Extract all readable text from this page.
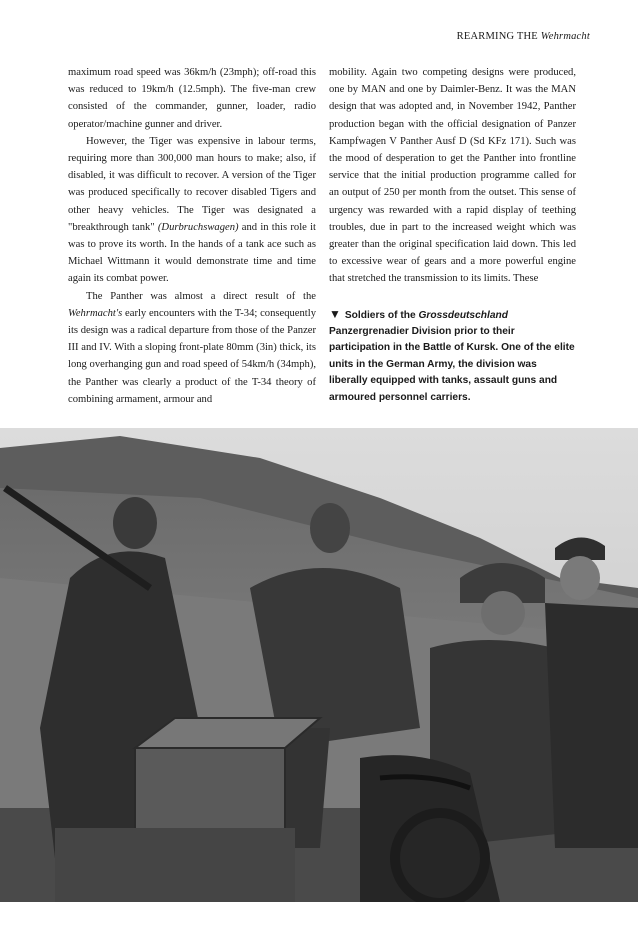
REARMING THE Wehrmacht

maximum road speed was 36km/h (23mph); off-road this was reduced to 19km/h (12.5mph). The five-man crew consisted of the commander, gunner, loader, radio operator/machine gunner and driver.

However, the Tiger was expensive in labour terms, requiring more than 300,000 man hours to make; also, if disabled, it was difficult to recover. A version of the Tiger was produced specifically to recover disabled Tigers and other heavy vehicles. The Tiger was designated a "breakthrough tank" (Durbruchswagen) and in this role it was to prove its worth. In the hands of a tank ace such as Michael Wittmann it would demonstrate time and time again its combat power.

The Panther was almost a direct result of the Wehrmacht's early encounters with the T-34; consequently its design was a radical departure from those of the Panzer III and IV. With a sloping front-plate 80mm (3in) thick, its long overhanging gun and road speed of 54km/h (34mph), the Panther was clearly a product of the T-34 theory of combining armament, armour and

mobility. Again two competing designs were produced, one by MAN and one by Daimler-Benz. It was the MAN design that was adopted and, in November 1942, Panther production began with the official designation of Panzer Kampfwagen V Panther Ausf D (Sd KFz 171). Such was the mood of desperation to get the Panther into frontline service that the initial production programme called for an output of 250 per month from the outset. This sense of urgency was rewarded with a rapid display of teething troubles, due in part to the increased weight which was greater than the original specification laid down. This led to excessive wear of gears and a more powerful engine that stretched the transmission to its limits. These

▼ Soldiers of the Grossdeutschland Panzergrenadier Division prior to their participation in the Battle of Kursk. One of the elite units in the German Army, the division was liberally equipped with tanks, assault guns and armoured personnel carriers.
